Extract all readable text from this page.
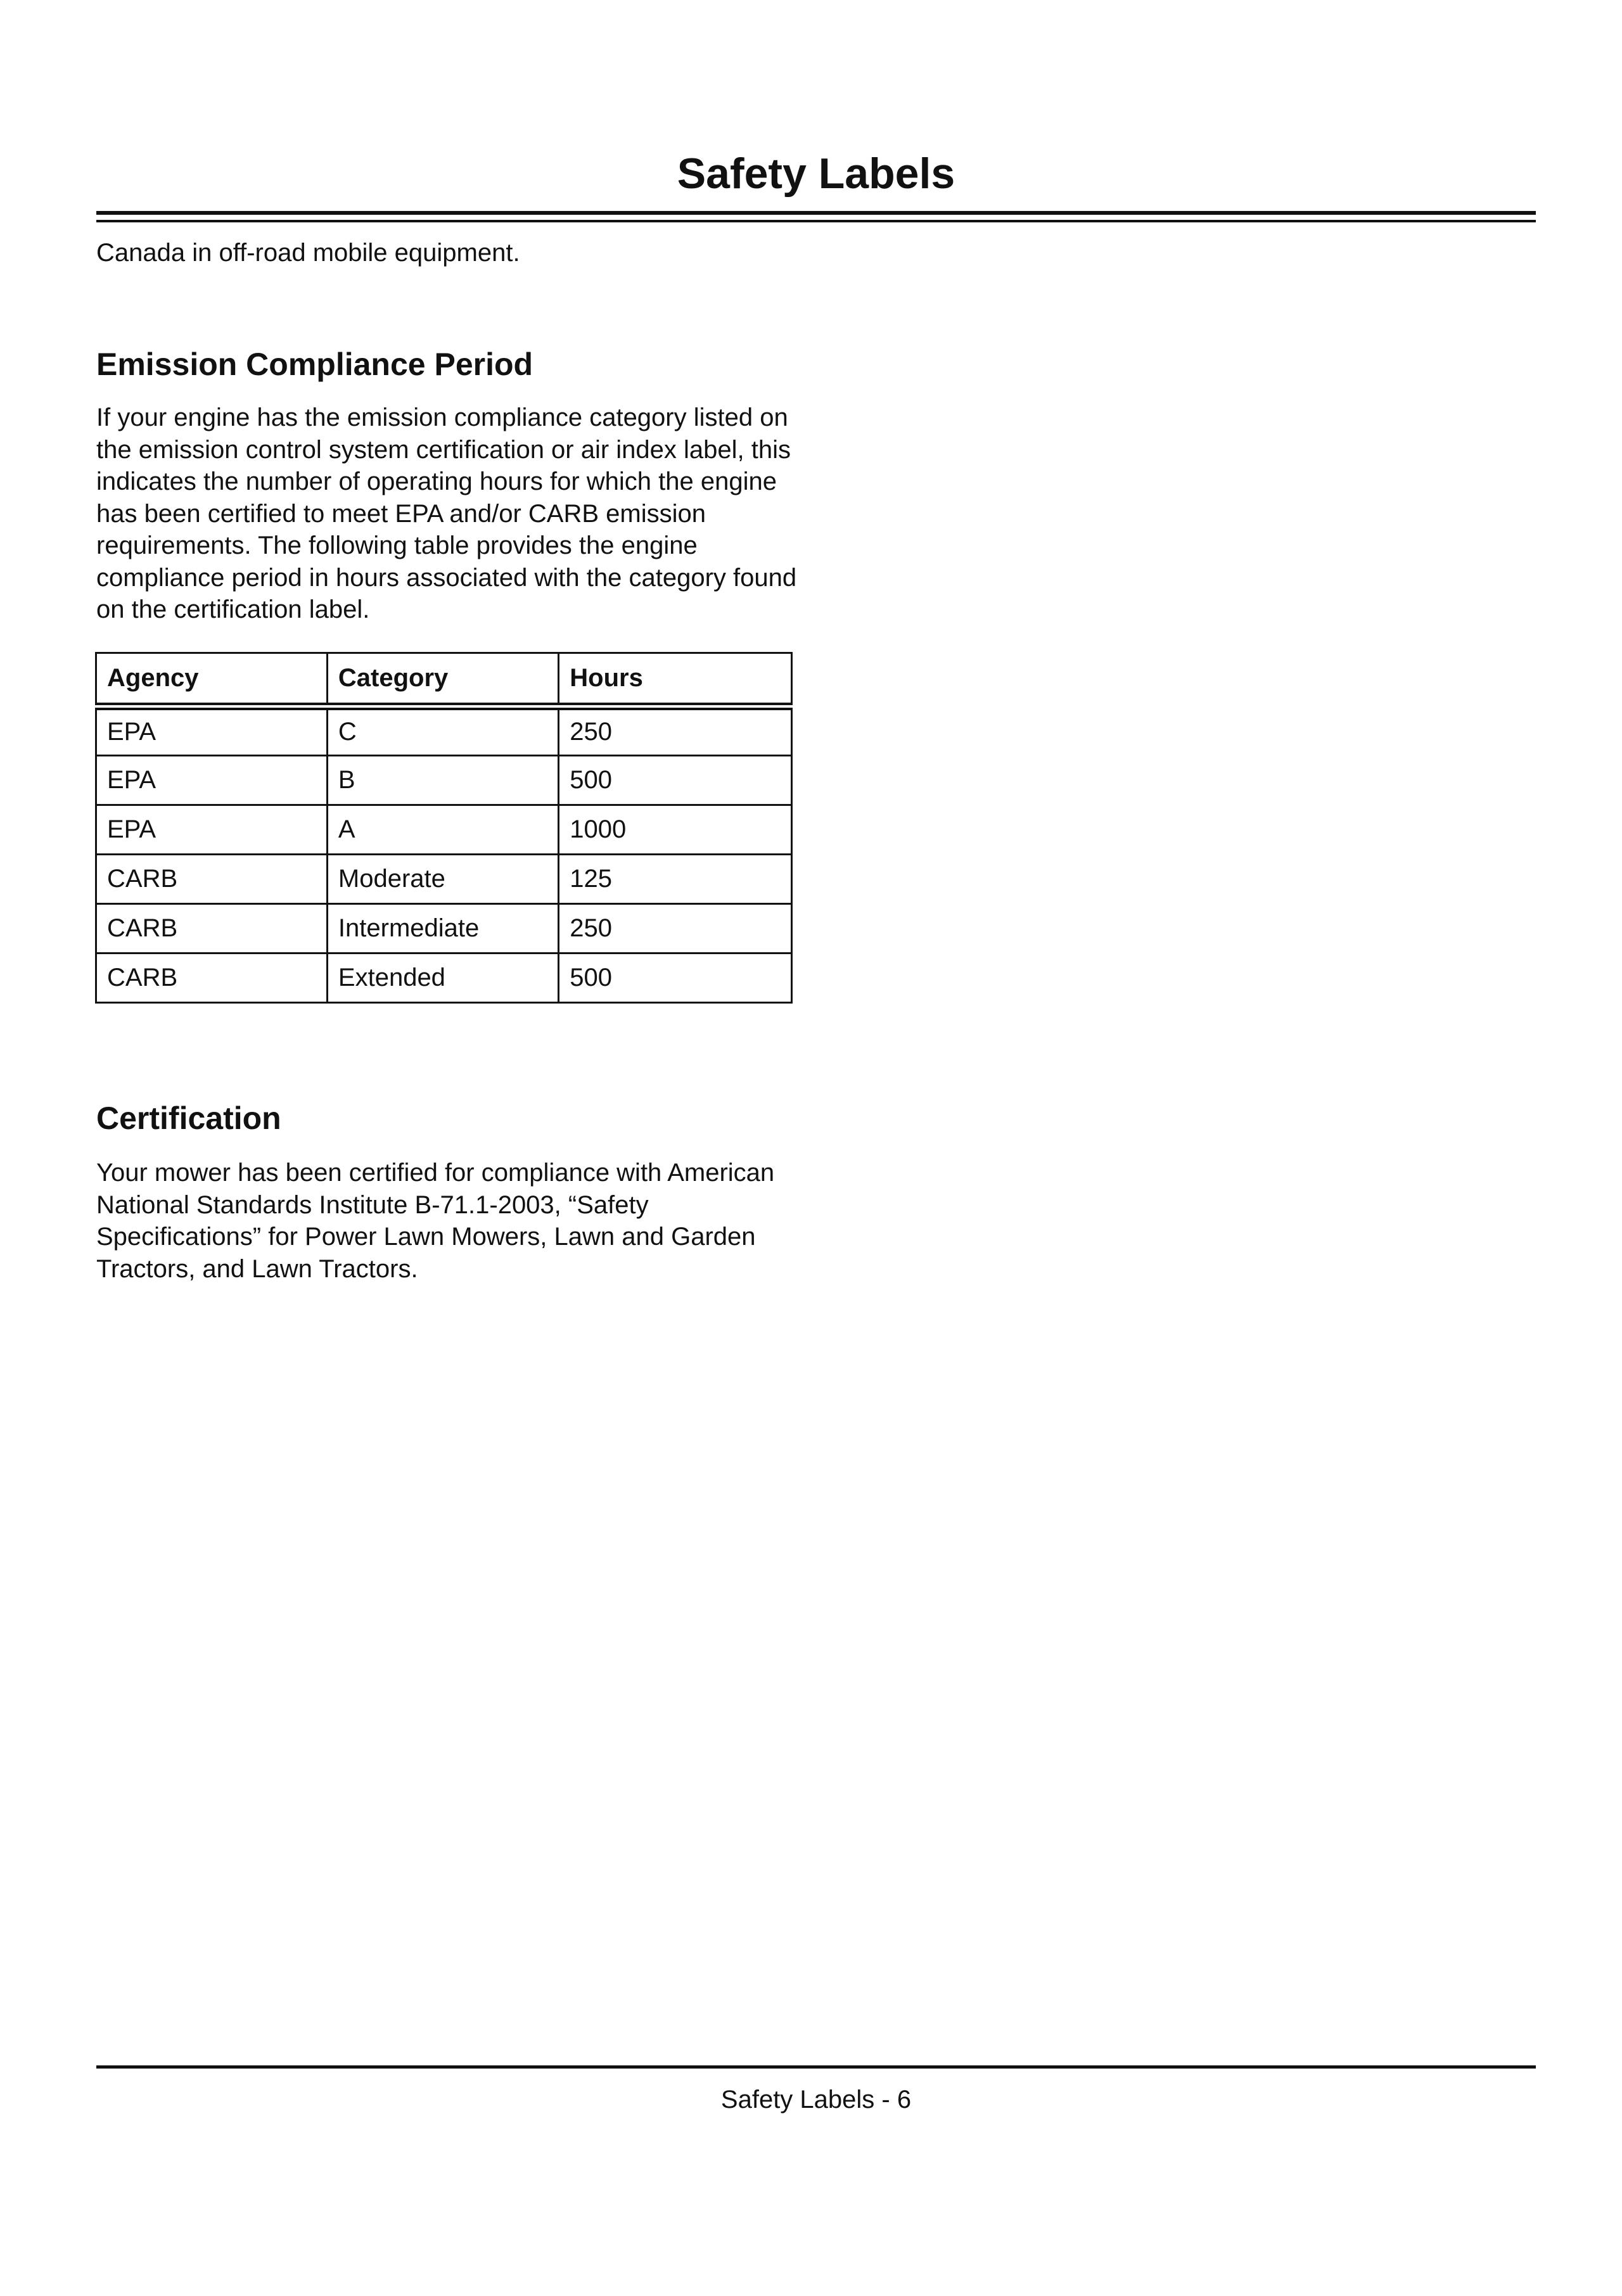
Safety Labels

Canada in off-road mobile equipment.

Emission Compliance Period

If your engine has the emission compliance category listed on the emission control system certification or air index label, this indicates the number of operating hours for which the engine has been certified to meet EPA and/or CARB emission requirements. The following table provides the engine compliance period in hours associated with the category found on the certification label.

Agency	Category	Hours
EPA	C	250
EPA	B	500
EPA	A	1000
CARB	Moderate	125
CARB	Intermediate	250
CARB	Extended	500
Certification

Your mower has been certified for compliance with American National Standards Institute B-71.1-2003, “Safety Specifications” for Power Lawn Mowers, Lawn and Garden Tractors, and Lawn Tractors.

Safety Labels - 6
